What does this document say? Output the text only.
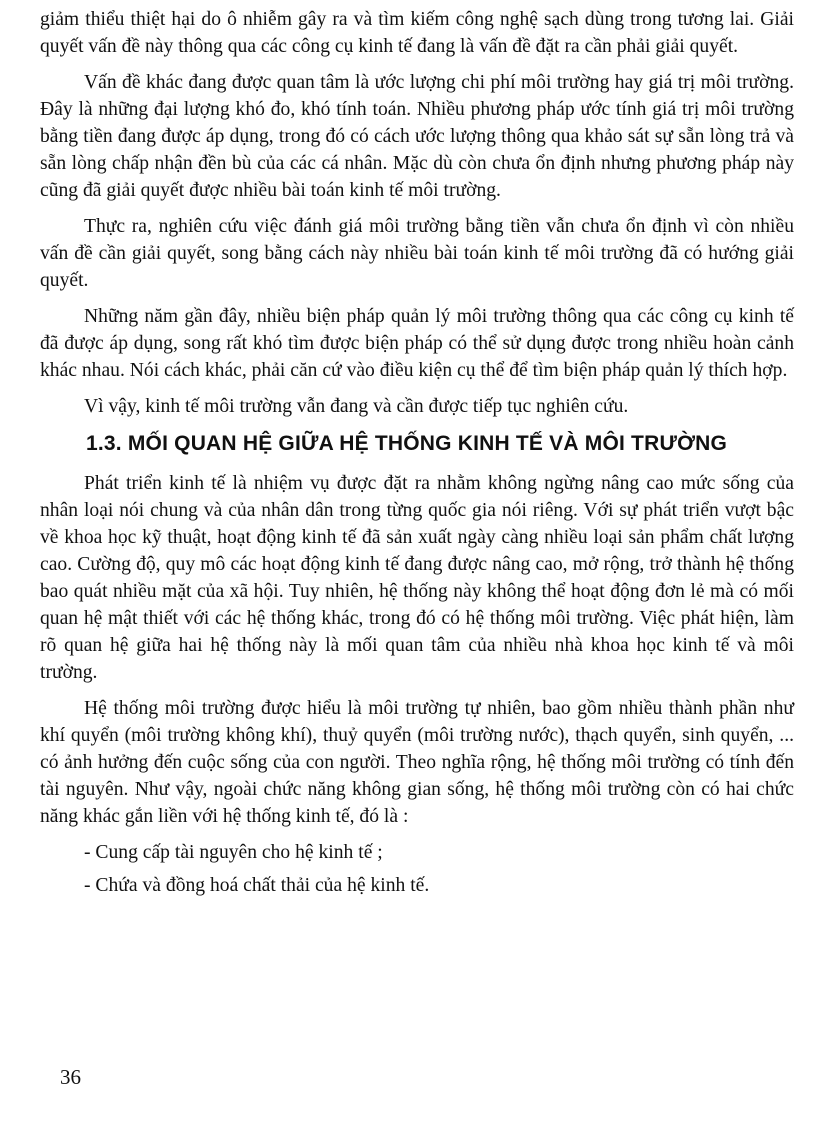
giảm thiểu thiệt hại do ô nhiễm gây ra và tìm kiếm công nghệ sạch dùng trong tương lai. Giải quyết vấn đề này thông qua các công cụ kinh tế đang là vấn đề đặt ra cần phải giải quyết.

Vấn đề khác đang được quan tâm là ước lượng chi phí môi trường hay giá trị môi trường. Đây là những đại lượng khó đo, khó tính toán. Nhiều phương pháp ước tính giá trị môi trường bằng tiền đang được áp dụng, trong đó có cách ước lượng thông qua khảo sát sự sẵn lòng trả và sẵn lòng chấp nhận đền bù của các cá nhân. Mặc dù còn chưa ổn định nhưng phương pháp này cũng đã giải quyết được nhiều bài toán kinh tế môi trường.

Thực ra, nghiên cứu việc đánh giá môi trường bằng tiền vẫn chưa ổn định vì còn nhiều vấn đề cần giải quyết, song bằng cách này nhiều bài toán kinh tế môi trường đã có hướng giải quyết.

Những năm gần đây, nhiều biện pháp quản lý môi trường thông qua các công cụ kinh tế đã được áp dụng, song rất khó tìm được biện pháp có thể sử dụng được trong nhiều hoàn cảnh khác nhau. Nói cách khác, phải căn cứ vào điều kiện cụ thể để tìm biện pháp quản lý thích hợp.

Vì vậy, kinh tế môi trường vẫn đang và cần được tiếp tục nghiên cứu.

1.3. MỐI QUAN HỆ GIỮA HỆ THỐNG KINH TẾ VÀ MÔI TRƯỜNG

Phát triển kinh tế là nhiệm vụ được đặt ra nhằm không ngừng nâng cao mức sống của nhân loại nói chung và của nhân dân trong từng quốc gia nói riêng. Với sự phát triển vượt bậc về khoa học kỹ thuật, hoạt động kinh tế đã sản xuất ngày càng nhiều loại sản phẩm chất lượng cao. Cường độ, quy mô các hoạt động kinh tế đang được nâng cao, mở rộng, trở thành hệ thống bao quát nhiều mặt của xã hội. Tuy nhiên, hệ thống này không thể hoạt động đơn lẻ mà có mối quan hệ mật thiết với các hệ thống khác, trong đó có hệ thống môi trường. Việc phát hiện, làm rõ quan hệ giữa hai hệ thống này là mối quan tâm của nhiều nhà khoa học kinh tế và môi trường.

Hệ thống môi trường được hiểu là môi trường tự nhiên, bao gồm nhiều thành phần như khí quyển (môi trường không khí), thuỷ quyển (môi trường nước), thạch quyển, sinh quyển, ... có ảnh hưởng đến cuộc sống của con người. Theo nghĩa rộng, hệ thống môi trường có tính đến tài nguyên. Như vậy, ngoài chức năng không gian sống, hệ thống môi trường còn có hai chức năng khác gắn liền với hệ thống kinh tế, đó là :

- Cung cấp tài nguyên cho hệ kinh tế ;

- Chứa và đồng hoá chất thải của hệ kinh tế.

36
